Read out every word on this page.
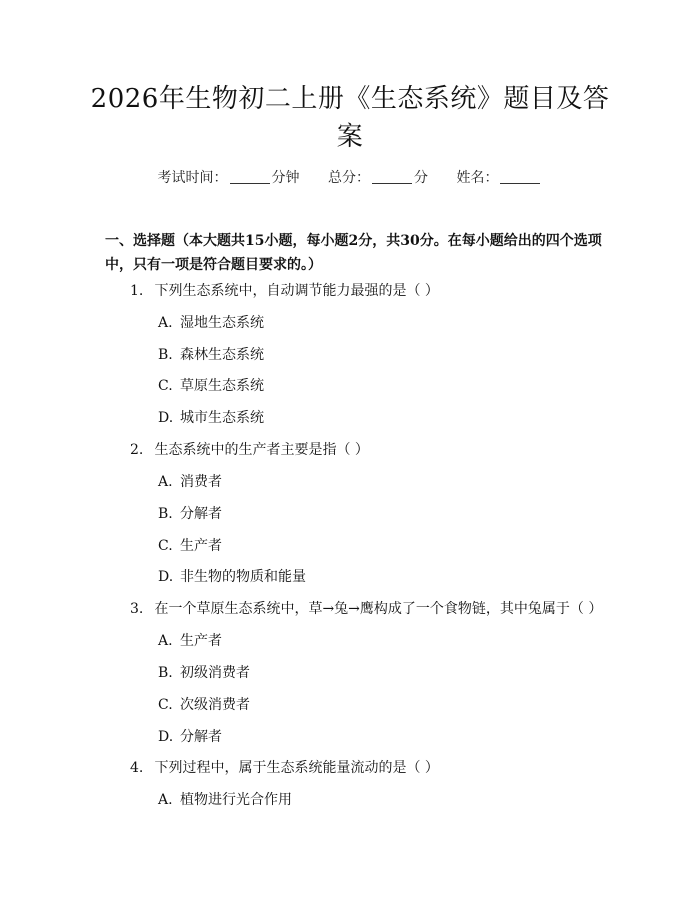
2026年生物初二上册《生态系统》题目及答案
考试时间：	分钟 总分：	分 姓名：
一、选择题（本大题共15小题，每小题2分，共30分。在每小题给出的四个选项中，只有一项是符合题目要求的。）
1. 下列生态系统中，自动调节能力最强的是（ ）
A. 湿地生态系统
B. 森林生态系统
C. 草原生态系统
D. 城市生态系统
2. 生态系统中的生产者主要是指（ ）
A. 消费者
B. 分解者
C. 生产者
D. 非生物的物质和能量
3. 在一个草原生态系统中，草→兔→鹰构成了一个食物链，其中兔属于（ ）
A. 生产者
B. 初级消费者
C. 次级消费者
D. 分解者
4. 下列过程中，属于生态系统能量流动的是（ ）
A. 植物进行光合作用
